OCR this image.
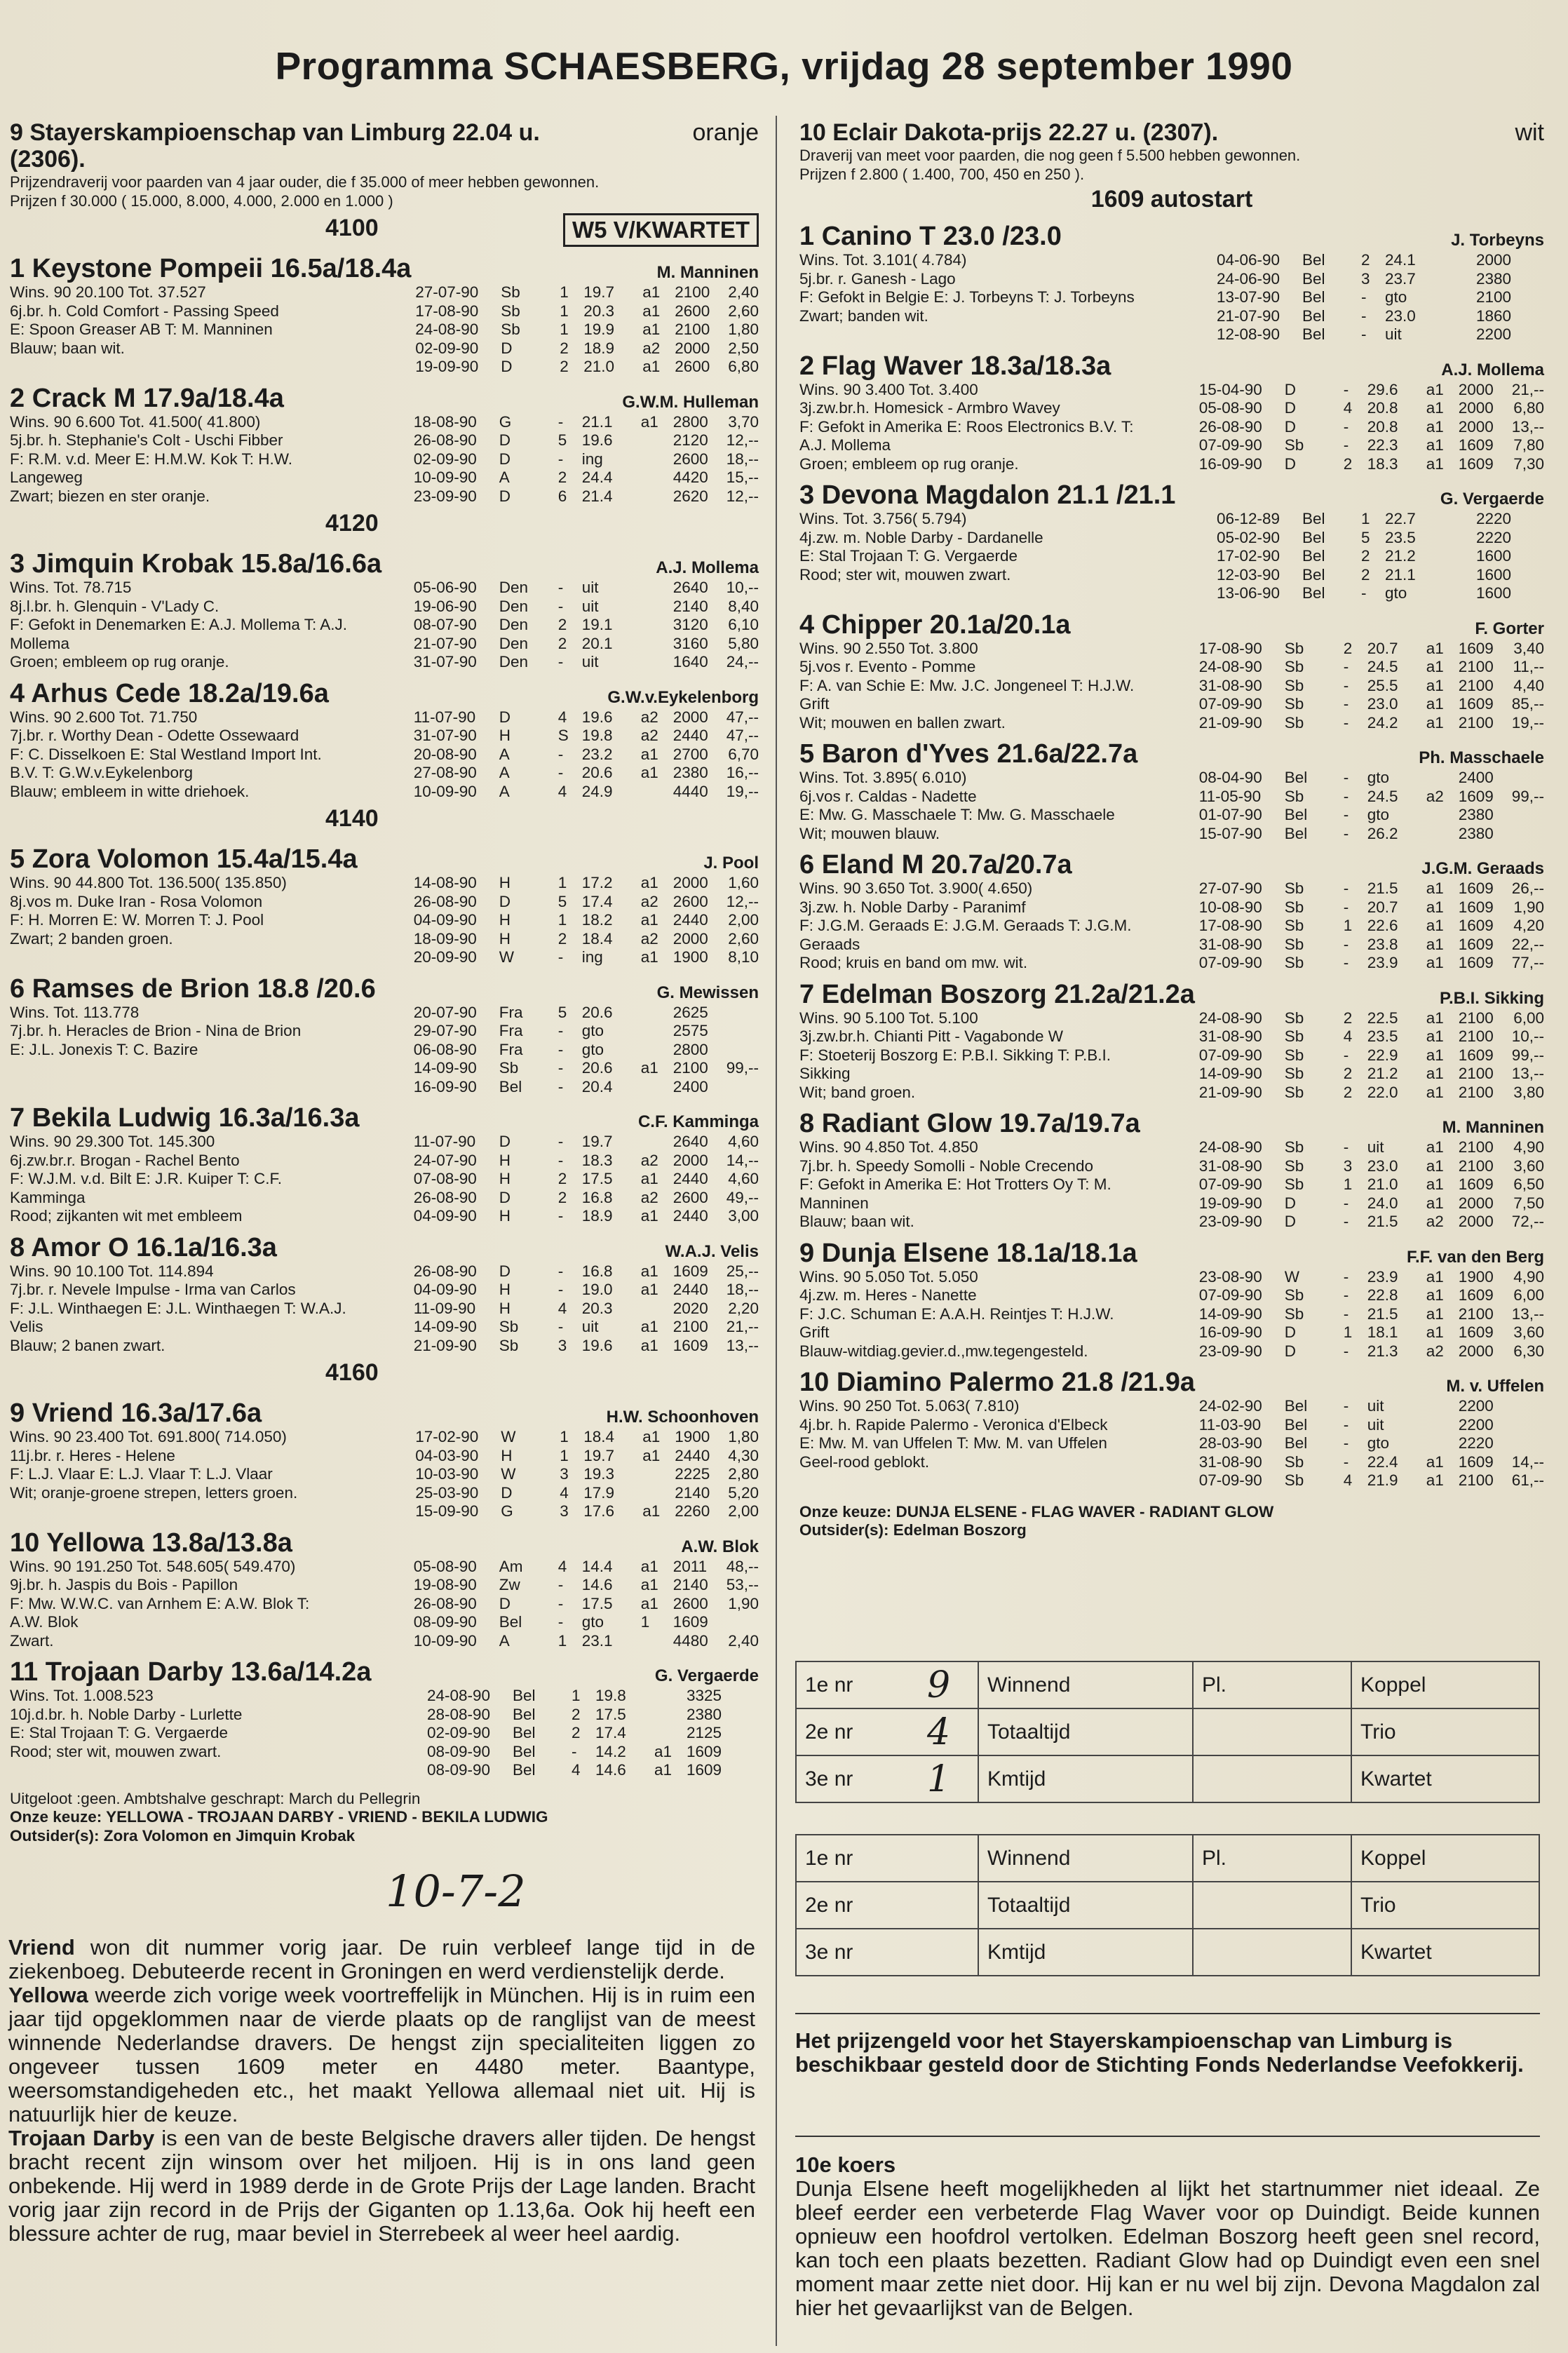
Programma SCHAESBERG, vrijdag 28 september 1990
9 Stayerskampioenschap van Limburg 22.04 u.	oranje
(2306).
Prijzendraverij voor paarden van 4 jaar ouder, die f 35.000 of meer hebben gewonnen.
Prijzen f 30.000 ( 15.000, 8.000, 4.000, 2.000 en 1.000 )
4100	W5 V/KWARTET
1 Keystone Pompeii 16.5a/18.4a	M. Manninen
Wins. 90 20.100 Tot. 37.527
6j.br. h. Cold Comfort - Passing Speed
E: Spoon Greaser AB T: M. Manninen
Blauw; baan wit.
27-07-90	Sb	1 19.7	a1 2100	2,40
17-08-90	Sb	1 20.3	a1 2600	2,60
24-08-90	Sb	1 19.9	a1 2100	1,80
02-09-90	D	2 18.9	a2 2000	2,50
19-09-90	D	2 21.0	a1 2600	6,80
2 Crack M 17.9a/18.4a	G.W.M. Hulleman
Wins. 90 6.600 Tot. 41.500( 41.800)
5j.br. h. Stephanie's Colt - Uschi Fibber
F: R.M. v.d. Meer E: H.M.W. Kok T: H.W.
Langeweg
Zwart; biezen en ster oranje.
18-08-90	G	-	21.1	a1 2800	3,70
26-08-90	D	5 19.6	2120	12,--
02-09-90	D	-	ing	2600	18,--
10-09-90	A	2 24.4	4420	15,--
23-09-90	D	6 21.4	2620	12,--
4120
3 Jimquin Krobak 15.8a/16.6a	A.J. Mollema
Wins. Tot. 78.715
8j.l.br. h. Glenquin - V'Lady C.
F: Gefokt in Denemarken E: A.J. Mollema T: A.J.
Mollema
Groen; embleem op rug oranje.
05-06-90	Den	-	uit	2640	10,--
19-06-90	Den	-	uit	2140	8,40
08-07-90	Den	2 19.1	3120	6,10
21-07-90	Den	2 20.1	3160	5,80
31-07-90	Den	-	uit	1640	24,--
4 Arhus Cede 18.2a/19.6a	G.W.v.Eykelenborg
Wins. 90 2.600 Tot. 71.750
7j.br. r. Worthy Dean - Odette Ossewaard
F: C. Disselkoen E: Stal Westland Import Int.
B.V. T: G.W.v.Eykelenborg
Blauw; embleem in witte driehoek.
11-07-90	D	4 19.6	a2 2000	47,--
31-07-90	H	S 19.8	a2 2440	47,--
20-08-90	A	-	23.2	a1 2700	6,70
27-08-90	A	-	20.6	a1 2380	16,--
10-09-90	A	4 24.9	4440	19,--
4140
5 Zora Volomon 15.4a/15.4a	J. Pool
Wins. 90 44.800 Tot. 136.500( 135.850)
8j.vos m. Duke Iran - Rosa Volomon
F: H. Morren E: W. Morren T: J. Pool
Zwart; 2 banden groen.
14-08-90	H	1 17.2	a1 2000	1,60
26-08-90	D	5 17.4	a2 2600	12,--
04-09-90	H	1 18.2	a1 2440	2,00
18-09-90	H	2 18.4	a2 2000	2,60
20-09-90	W	-	ing	a1 1900	8,10
6 Ramses de Brion 18.8 /20.6	G. Mewissen
Wins. Tot. 113.778
7j.br. h. Heracles de Brion - Nina de Brion
E: J.L. Jonexis T: C. Bazire
20-07-90	Fra	5 20.6	2625
29-07-90	Fra	-	gto	2575
06-08-90	Fra	-	gto	2800
14-09-90	Sb	-	20.6	a1 2100	99,--
16-09-90	Bel	-	20.4	2400
7 Bekila Ludwig 16.3a/16.3a	C.F. Kamminga
Wins. 90 29.300 Tot. 145.300
6j.zw.br.r. Brogan - Rachel Bento
F: W.J.M. v.d. Bilt E: J.R. Kuiper T: C.F.
Kamminga
Rood; zijkanten wit met embleem
11-07-90	D	-	19.7	2640	4,60
24-07-90	H	-	18.3	a2 2000	14,--
07-08-90	H	2 17.5	a1 2440	4,60
26-08-90	D	2 16.8	a2 2600	49,--
04-09-90	H	-	18.9	a1 2440	3,00
8 Amor O 16.1a/16.3a	W.A.J. Velis
Wins. 90 10.100 Tot. 114.894
7j.br. r. Nevele Impulse - Irma van Carlos
F: J.L. Winthaegen E: J.L. Winthaegen T: W.A.J.
Velis
Blauw; 2 banen zwart.
26-08-90	D	-	16.8	a1 1609	25,--
04-09-90	H	-	19.0	a1 2440	18,--
11-09-90	H	4 20.3	2020	2,20
14-09-90	Sb	-	uit	a1 2100	21,--
21-09-90	Sb	3 19.6	a1 1609	13,--
4160
9 Vriend 16.3a/17.6a	H.W. Schoonhoven
Wins. 90 23.400 Tot. 691.800( 714.050)
11j.br. r. Heres - Helene
F: L.J. Vlaar E: L.J. Vlaar T: L.J. Vlaar
Wit; oranje-groene strepen, letters groen.
17-02-90	W	1 18.4	a1 1900	1,80
04-03-90	H	1 19.7	a1 2440	4,30
10-03-90	W	3 19.3	2225	2,80
25-03-90	D	4 17.9	2140	5,20
15-09-90	G	3 17.6	a1 2260	2,00
10 Yellowa 13.8a/13.8a	A.W. Blok
Wins. 90 191.250 Tot. 548.605( 549.470)
9j.br. h. Jaspis du Bois - Papillon
F: Mw. W.W.C. van Arnhem E: A.W. Blok T:
A.W. Blok
Zwart.
05-08-90	Am	4 14.4	a1 2011	48,--
19-08-90	Zw	-	14.6	a1 2140	53,--
26-08-90	D	-	17.5	a1 2600	1,90
08-09-90	Bel	-	gto	1	1609
10-09-90	A	1 23.1	4480	2,40
11 Trojaan Darby 13.6a/14.2a	G. Vergaerde
Wins. Tot. 1.008.523
10j.d.br. h. Noble Darby - Lurlette
E: Stal Trojaan T: G. Vergaerde
Rood; ster wit, mouwen zwart.
24-08-90	Bel	1 19.8	3325
28-08-90	Bel	2 17.5	2380
02-09-90	Bel	2 17.4	2125
08-09-90	Bel	-	14.2	a1 1609
08-09-90	Bel	4 14.6	a1 1609
Uitgeloot :geen. Ambtshalve geschrapt: March du Pellegrin
Onze keuze: YELLOWA - TROJAAN DARBY - VRIEND - BEKILA LUDWIG
Outsider(s): Zora Volomon en Jimquin Krobak
10-7-2
Vriend won dit nummer vorig jaar. De ruin verbleef lange tijd in de ziekenboeg. Debuteerde recent in Groningen en werd verdienstelijk derde.
Yellowa weerde zich vorige week voortreffelijk in München. Hij is in ruim een jaar tijd opgeklommen naar de vierde plaats op de ranglijst van de meest winnende Nederlandse dravers. De hengst zijn specialiteiten liggen zo ongeveer tussen 1609 meter en 4480 meter. Baantype, weersomstandigeheden etc., het maakt Yellowa allemaal niet uit. Hij is natuurlijk hier de keuze.
Trojaan Darby is een van de beste Belgische dravers aller tijden. De hengst bracht recent zijn winsom over het miljoen. Hij is in ons land geen onbekende. Hij werd in 1989 derde in de Grote Prijs der Lage landen. Bracht vorig jaar zijn record in de Prijs der Giganten op 1.13,6a. Ook hij heeft een blessure achter de rug, maar beviel in Sterrebeek al weer heel aardig.
10 Eclair Dakota-prijs 22.27 u. (2307).	wit
Draverij van meet voor paarden, die nog geen f 5.500 hebben gewonnen.
Prijzen f 2.800 ( 1.400, 700, 450 en 250 ).
1609 autostart
1 Canino T 23.0 /23.0	J. Torbeyns
Wins. Tot. 3.101( 4.784)
5j.br. r. Ganesh - Lago
F: Gefokt in Belgie E: J. Torbeyns T: J. Torbeyns
Zwart; banden wit.
04-06-90	Bel	2 24.1	2000
24-06-90	Bel	3 23.7	2380
13-07-90	Bel	-	gto	2100
21-07-90	Bel	-	23.0	1860
12-08-90	Bel	-	uit	2200
2 Flag Waver 18.3a/18.3a	A.J. Mollema
Wins. 90 3.400 Tot. 3.400
3j.zw.br.h. Homesick - Armbro Wavey
F: Gefokt in Amerika E: Roos Electronics B.V. T:
A.J. Mollema
Groen; embleem op rug oranje.
15-04-90	D	-	29.6	a1 2000	21,--
05-08-90	D	4 20.8	a1 2000	6,80
26-08-90	D	-	20.8	a1 2000	13,--
07-09-90	Sb	-	22.3	a1 1609	7,80
16-09-90	D	2 18.3	a1 1609	7,30
3 Devona Magdalon 21.1 /21.1	G. Vergaerde
Wins. Tot. 3.756( 5.794)
4j.zw. m. Noble Darby - Dardanelle
E: Stal Trojaan T: G. Vergaerde
Rood; ster wit, mouwen zwart.
06-12-89	Bel	1 22.7	2220
05-02-90	Bel	5 23.5	2220
17-02-90	Bel	2 21.2	1600
12-03-90	Bel	2 21.1	1600
13-06-90	Bel	-	gto	1600
4 Chipper 20.1a/20.1a	F. Gorter
Wins. 90 2.550 Tot. 3.800
5j.vos r. Evento - Pomme
F: A. van Schie E: Mw. J.C. Jongeneel T: H.J.W.
Grift
Wit; mouwen en ballen zwart.
17-08-90	Sb	2 20.7	a1 1609	3,40
24-08-90	Sb	-	24.5	a1 2100	11,--
31-08-90	Sb	-	25.5	a1 2100	4,40
07-09-90	Sb	-	23.0	a1 1609	85,--
21-09-90	Sb	-	24.2	a1 2100	19,--
5 Baron d'Yves 21.6a/22.7a	Ph. Masschaele
Wins. Tot. 3.895( 6.010)
6j.vos r. Caldas - Nadette
E: Mw. G. Masschaele T: Mw. G. Masschaele
Wit; mouwen blauw.
08-04-90	Bel	-	gto	2400
11-05-90	Sb	-	24.5	a2 1609	99,--
01-07-90	Bel	-	gto	2380
15-07-90	Bel	-	26.2	2380
6 Eland M 20.7a/20.7a	J.G.M. Geraads
Wins. 90 3.650 Tot. 3.900( 4.650)
3j.zw. h. Noble Darby - Paranimf
F: J.G.M. Geraads E: J.G.M. Geraads T: J.G.M.
Geraads
Rood; kruis en band om mw. wit.
27-07-90	Sb	-	21.5	a1 1609	26,--
10-08-90	Sb	-	20.7	a1 1609	1,90
17-08-90	Sb	1 22.6	a1 1609	4,20
31-08-90	Sb	-	23.8	a1 1609	22,--
07-09-90	Sb	-	23.9	a1 1609	77,--
7 Edelman Boszorg 21.2a/21.2a	P.B.I. Sikking
Wins. 90 5.100 Tot. 5.100
3j.zw.br.h. Chianti Pitt - Vagabonde W
F: Stoeterij Boszorg E: P.B.I. Sikking T: P.B.I.
Sikking
Wit; band groen.
24-08-90	Sb	2 22.5	a1 2100	6,00
31-08-90	Sb	4 23.5	a1 2100	10,--
07-09-90	Sb	-	22.9	a1 1609	99,--
14-09-90	Sb	2 21.2	a1 2100	13,--
21-09-90	Sb	2 22.0	a1 2100	3,80
8 Radiant Glow 19.7a/19.7a	M. Manninen
Wins. 90 4.850 Tot. 4.850
7j.br. h. Speedy Somolli - Noble Crecendo
F: Gefokt in Amerika E: Hot Trotters Oy T: M.
Manninen
Blauw; baan wit.
24-08-90	Sb	-	uit	a1 2100	4,90
31-08-90	Sb	3 23.0	a1 2100	3,60
07-09-90	Sb	1 21.0	a1 1609	6,50
19-09-90	D	-	24.0	a1 2000	7,50
23-09-90	D	-	21.5	a2 2000	72,--
9 Dunja Elsene 18.1a/18.1a	F.F. van den Berg
Wins. 90 5.050 Tot. 5.050
4j.zw. m. Heres - Nanette
F: J.C. Schuman E: A.A.H. Reintjes T: H.J.W.
Grift
Blauw-witdiag.gevier.d.,mw.tegengesteld.
23-08-90	W	-	23.9	a1 1900	4,90
07-09-90	Sb	-	22.8	a1 1609	6,00
14-09-90	Sb	-	21.5	a1 2100	13,--
16-09-90	D	1 18.1	a1 1609	3,60
23-09-90	D	-	21.3	a2 2000	6,30
10 Diamino Palermo 21.8 /21.9a	M. v. Uffelen
Wins. 90 250 Tot. 5.063( 7.810)
4j.br. h. Rapide Palermo - Veronica d'Elbeck
E: Mw. M. van Uffelen T: Mw. M. van Uffelen
Geel-rood geblokt.
24-02-90	Bel	-	uit	2200
11-03-90	Bel	-	uit	2200
28-03-90	Bel	-	gto	2220
31-08-90	Sb	-	22.4	a1 1609	14,--
07-09-90	Sb	4 21.9	a1 2100	61,--
Onze keuze: DUNJA ELSENE - FLAG WAVER - RADIANT GLOW
Outsider(s): Edelman Boszorg
1e nr	9	Winnend	Pl.	Koppel
2e nr	4	Totaaltijd		Trio
3e nr	1	Kmtijd		Kwartet
1e nr		Winnend	Pl.	Koppel
2e nr		Totaaltijd		Trio
3e nr		Kmtijd		Kwartet
Het prijzengeld voor het Stayerskampioenschap van Limburg is beschikbaar gesteld door de Stichting Fonds Nederlandse Veefokkerij.
10e koers
Dunja Elsene heeft mogelijkheden al lijkt het startnummer niet ideaal. Ze bleef eerder een verbeterde Flag Waver voor op Duindigt. Beide kunnen opnieuw een hoofdrol vertolken. Edelman Boszorg heeft geen snel record, kan toch een plaats bezetten. Radiant Glow had op Duindigt even een snel moment maar zette niet door. Hij kan er nu wel bij zijn. Devona Magdalon zal hier het gevaarlijkst van de Belgen.
